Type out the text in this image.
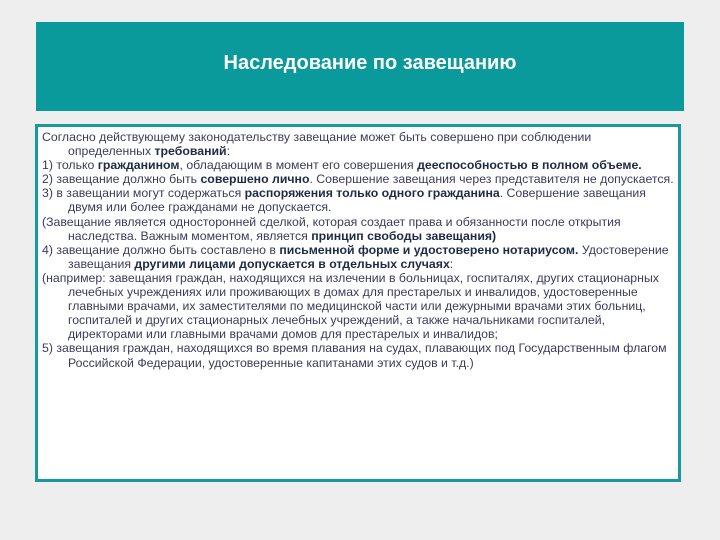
Наследование по завещанию

Согласно действующему законодательству завещание может быть совершено при соблюдении определенных требований:

1) только гражданином, обладающим в момент его совершения дееспособностью в полном объеме.

2) завещание должно быть совершено лично. Совершение завещания через представителя не допускается.

3) в завещании могут содержаться распоряжения только одного гражданина. Совершение завещания двумя или более гражданами не допускается.

(Завещание является односторонней сделкой, которая создает права и обязанности после открытия наследства. Важным моментом, является принцип свободы завещания)

4) завещание должно быть составлено в письменной форме и удостоверено нотариусом. Удостоверение завещания другими лицами допускается в отдельных случаях:

(например: завещания граждан, находящихся на излечении в больницах, госпиталях, других стационарных лечебных учреждениях или проживающих в домах для престарелых и инвалидов, удостоверенные главными врачами, их заместителями по медицинской части или дежурными врачами этих больниц, госпиталей и других стационарных лечебных учреждений, а также начальниками госпиталей, директорами или главными врачами домов для престарелых и инвалидов;

5) завещания граждан, находящихся во время плавания на судах, плавающих под Государственным флагом Российской Федерации, удостоверенные капитанами этих судов и т.д.)
